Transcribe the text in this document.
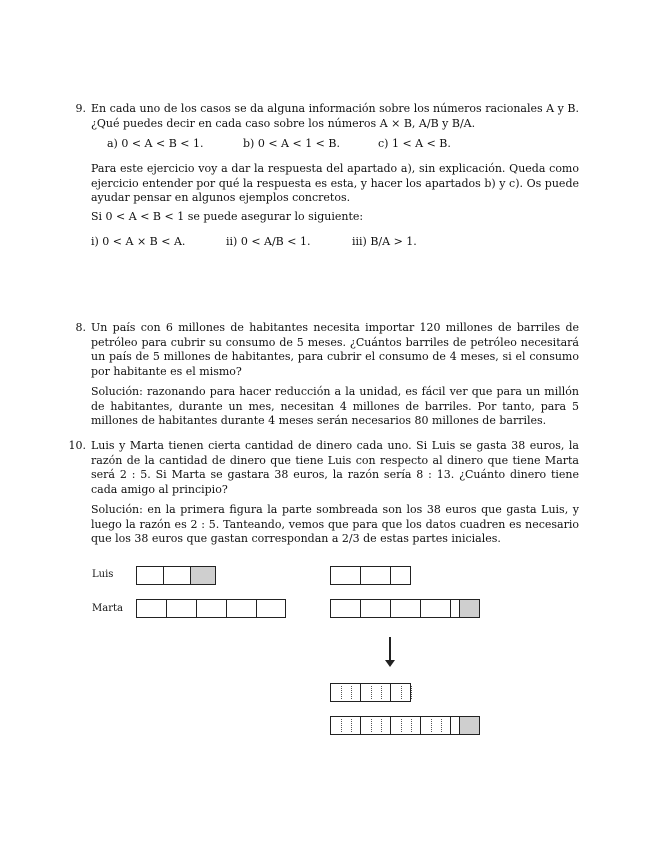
9. En cada uno de los casos se da alguna información sobre los números racionales A y B. ¿Qué puedes decir en cada caso sobre los números A × B, A/B y B/A.

a) 0 < A < B < 1.	b) 0 < A < 1 < B.	c) 1 < A < B.

Para este ejercicio voy a dar la respuesta del apartado a), sin explicación. Queda como ejercicio entender por qué la respuesta es esta, y hacer los apartados b) y c). Os puede ayudar pensar en algunos ejemplos concretos.

Si 0 < A < B < 1 se puede asegurar lo siguiente:

i) 0 < A × B < A.	ii) 0 < A/B < 1.	iii) B/A > 1.
8. Un país con 6 millones de habitantes necesita importar 120 millones de barriles de petróleo para cubrir su consumo de 5 meses. ¿Cuántos barriles de petróleo necesitará un país de 5 millones de habitantes, para cubrir el consumo de 4 meses, si el consumo por habitante es el mismo?

Solución: razonando para hacer reducción a la unidad, es fácil ver que para un millón de habitantes, durante un mes, necesitan 4 millones de barriles. Por tanto, para 5 millones de habitantes durante 4 meses serán necesarios 80 millones de barriles.

10. Luis y Marta tienen cierta cantidad de dinero cada uno. Si Luis se gasta 38 euros, la razón de la cantidad de dinero que tiene Luis con respecto al dinero que tiene Marta será 2 : 5. Si Marta se gastara 38 euros, la razón sería 8 : 13. ¿Cuánto dinero tiene cada amigo al principio?

Solución: en la primera figura la parte sombreada son los 38 euros que gasta Luis, y luego la razón es 2 : 5. Tanteando, vemos que para que los datos cuadren es necesario que los 38 euros que gastan correspondan a 2/3 de estas partes iniciales.

Luis
Marta
